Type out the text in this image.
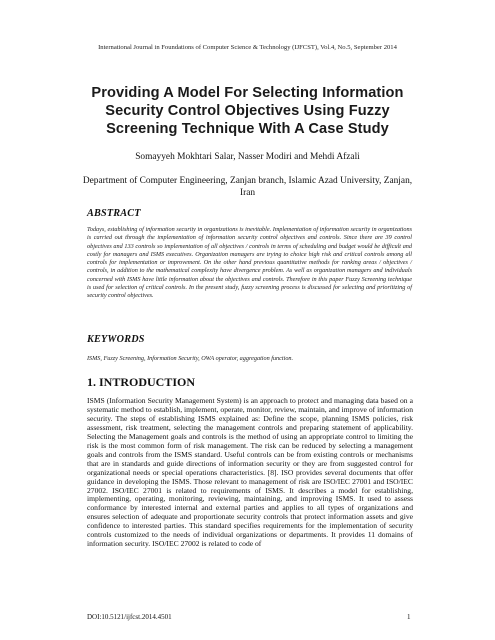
International Journal in Foundations of Computer Science & Technology (IJFCST), Vol.4, No.5, September 2014
Providing A Model For Selecting Information Security Control Objectives Using Fuzzy Screening Technique With A Case Study
Somayyeh Mokhtari Salar, Nasser Modiri and Mehdi Afzali
Department of Computer Engineering, Zanjan branch, Islamic Azad University, Zanjan, Iran
ABSTRACT
Todays, establishing of information security in organizations is inevitable. Implementation of information security in organizations is carried out through the implementation of information security control objectives and controls. Since there are 39 control objectives and 133 controls so implementation of all objectives / controls in terms of scheduling and budget would be difficult and costly for managers and ISMS executives. Organization managers are trying to choice high risk and critical controls among all controls for implementation or improvement. On the other hand previous quantitative methods for ranking areas / objectives / controls, in addition to the mathematical complexity have divergence problem. As well as organization managers and individuals concerned with ISMS have little information about the objectives and controls. Therefore in this paper Fuzzy Screening technique is used for selection of critical controls. In the present study, fuzzy screening process is discussed for selecting and prioritizing of security control objectives.
KEYWORDS
ISMS, Fuzzy Screening, Information Security, OWA operator, aggregation function.
1. INTRODUCTION
ISMS (Information Security Management System) is an approach to protect and managing data based on a systematic method to establish, implement, operate, monitor, review, maintain, and improve of information security. The steps of establishing ISMS explained as: Define the scope, planning ISMS policies, risk assessment, risk treatment, selecting the management controls and preparing statement of applicability. Selecting the Management goals and controls is the method of using an appropriate control to limiting the risk is the most common form of risk management. The risk can be reduced by selecting a management goals and controls from the ISMS standard. Useful controls can be from existing controls or mechanisms that are in standards and guide directions of information security or they are from suggested control for organizational needs or special operations characteristics. [8]. ISO provides several documents that offer guidance in developing the ISMS. Those relevant to management of risk are ISO/IEC 27001 and ISO/IEC 27002. ISO/IEC 27001 is related to requirements of ISMS. It describes a model for establishing, implementing, operating, monitoring, reviewing, maintaining, and improving ISMS. It used to assess conformance by interested internal and external parties and applies to all types of organizations and ensures selection of adequate and proportionate security controls that protect information assets and give confidence to interested parties. This standard specifies requirements for the implementation of security controls customized to the needs of individual organizations or departments. It provides 11 domains of information security. ISO/IEC 27002 is related to code of
DOI:10.5121/ijfcst.2014.4501	1
